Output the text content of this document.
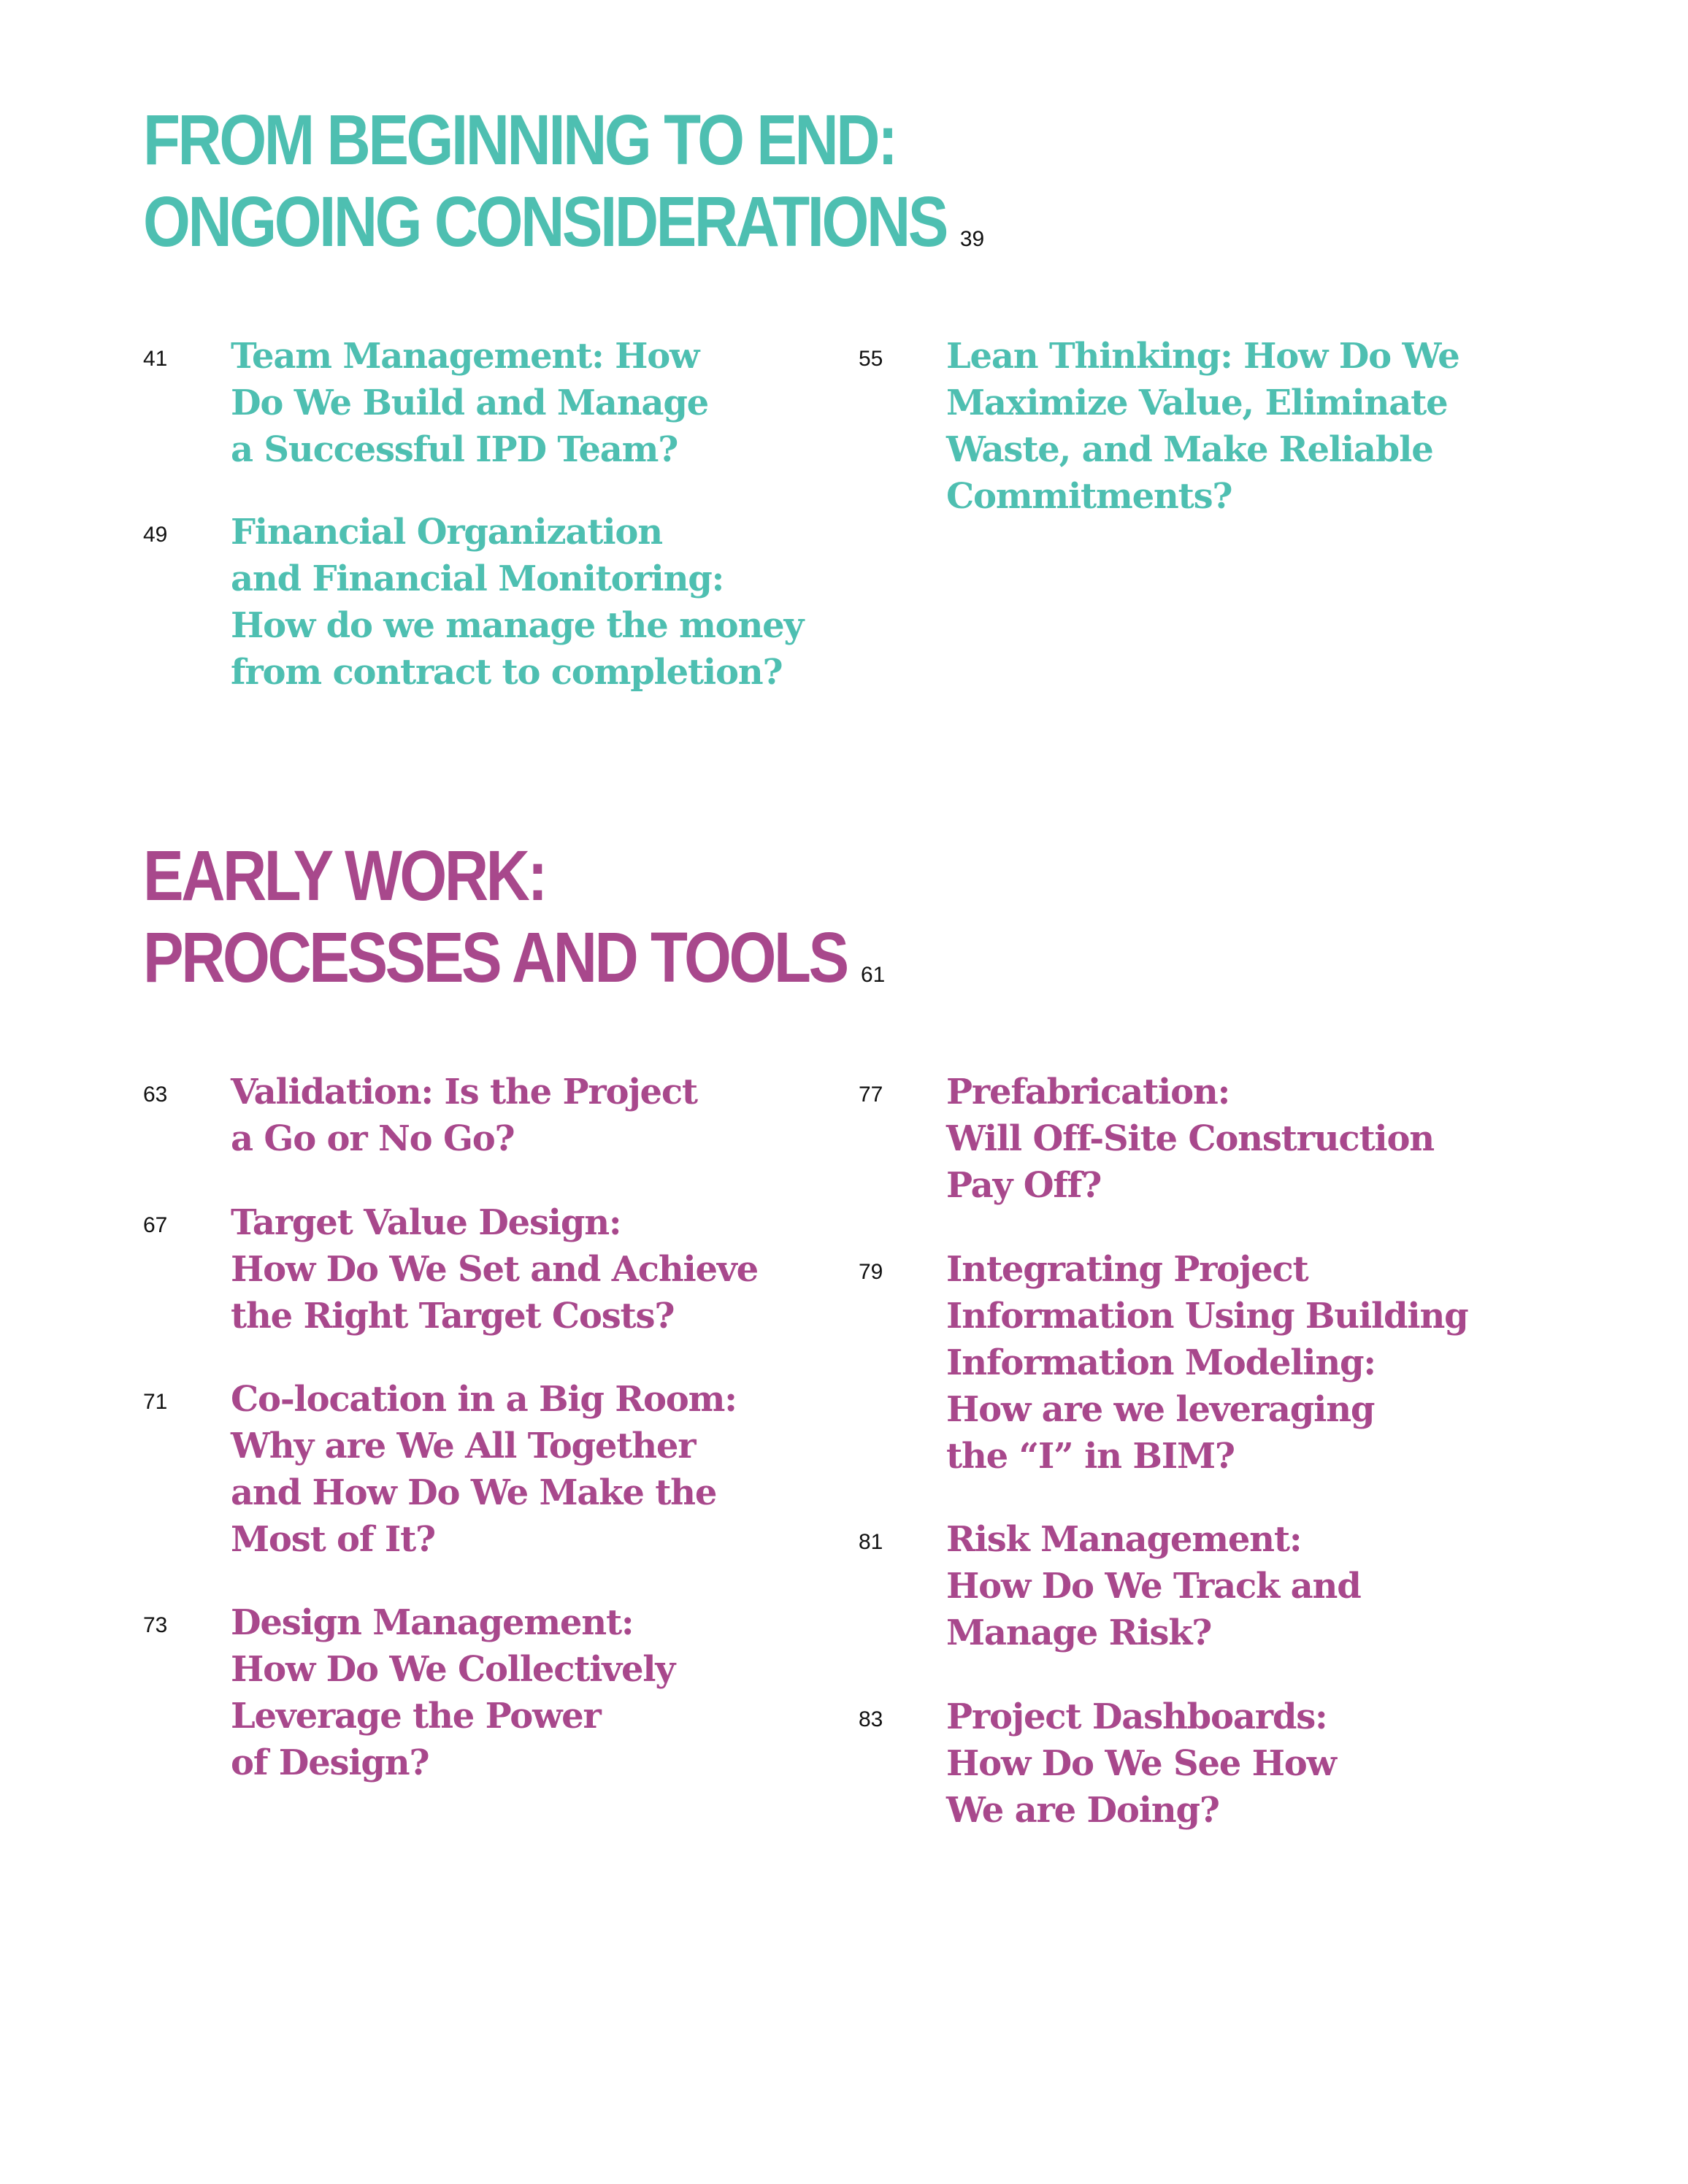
FROM BEGINNING TO END:
ONGOING CONSIDERATIONS 39
41	Team Management: How
Do We Build and Manage
a Successful IPD Team?
49	Financial Organization
and Financial Monitoring:
How do we manage the money
from contract to completion?
55	Lean Thinking: How Do We
Maximize Value, Eliminate
Waste, and Make Reliable
Commitments?
EARLY WORK:
PROCESSES AND TOOLS 61
63	Validation: Is the Project
a Go or No Go?
67	Target Value Design:
How Do We Set and Achieve
the Right Target Costs?
71	Co-location in a Big Room:
Why are We All Together
and How Do We Make the
Most of It?
73	Design Management:
How Do We Collectively
Leverage the Power
of Design?
77	Prefabrication:
Will Off-Site Construction
Pay Off?
79	Integrating Project
Information Using Building
Information Modeling:
How are we leveraging
the “I” in BIM?
81	Risk Management:
How Do We Track and
Manage Risk?
83	Project Dashboards:
How Do We See How
We are Doing?
